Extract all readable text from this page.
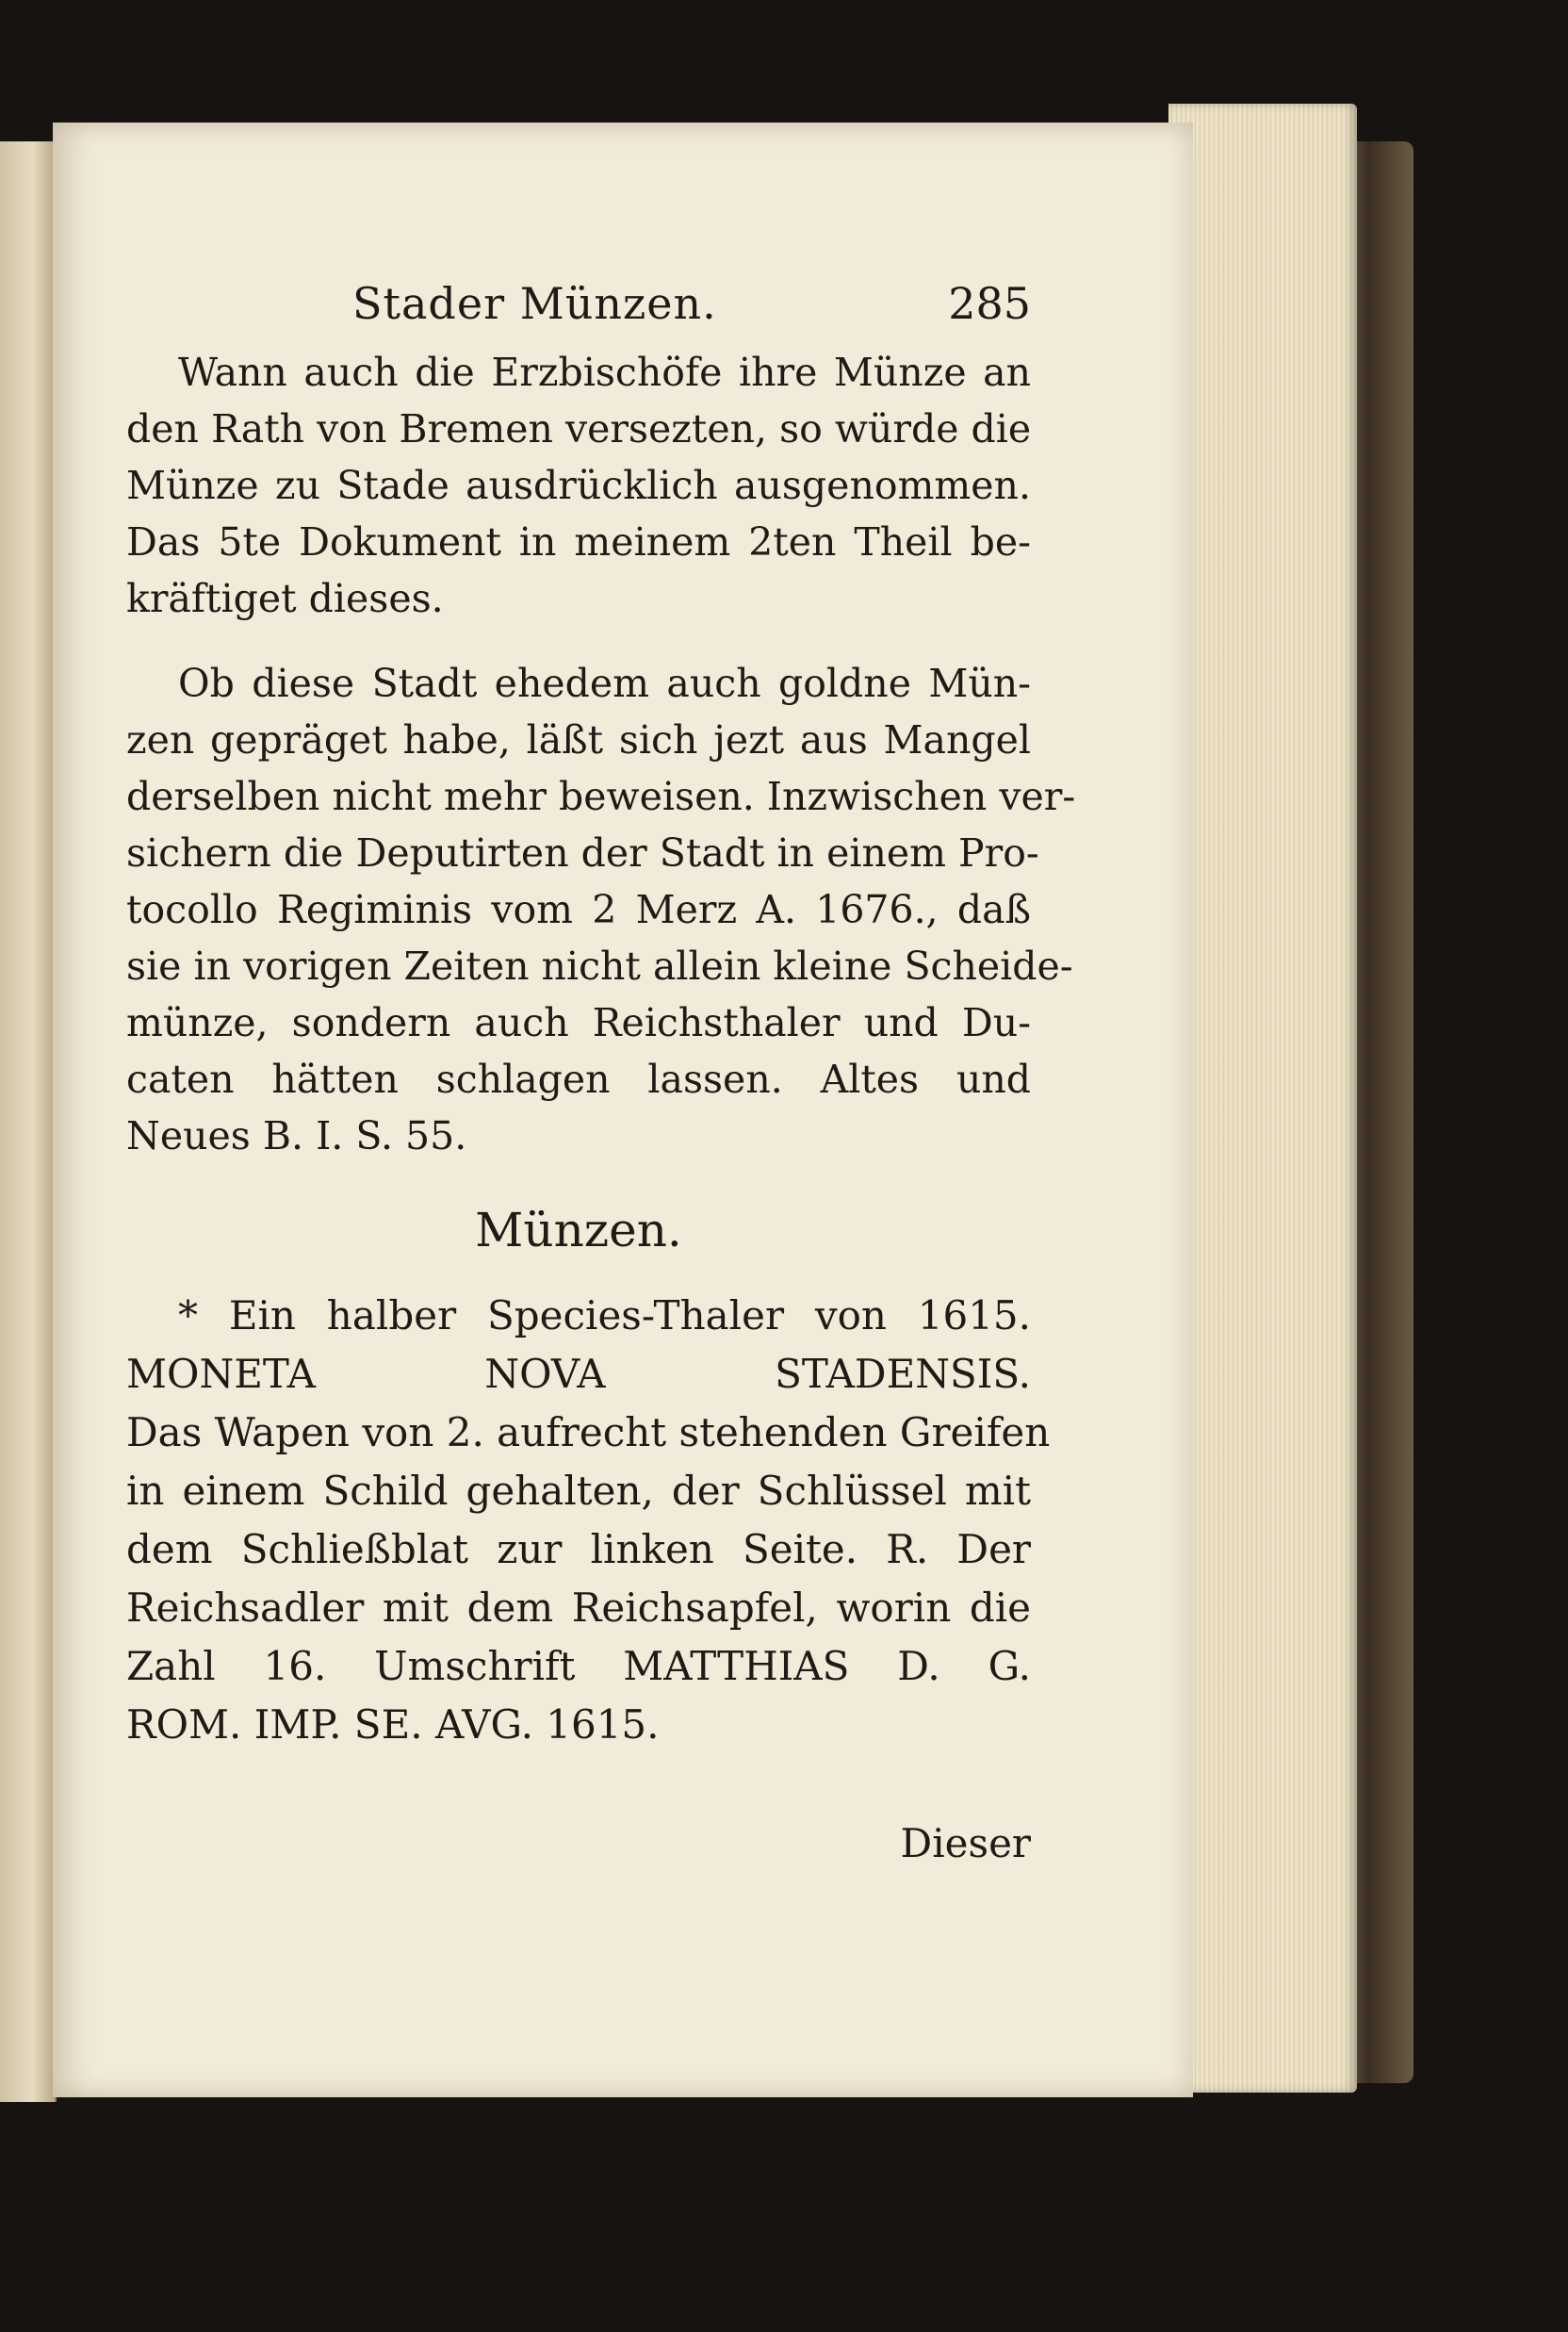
Stader Münzen.	285
Wann auch die Erzbischöfe ihre Münze an
den Rath von Bremen versezten, so würde die
Münze zu Stade ausdrücklich ausgenommen.
Das 5te Dokument in meinem 2ten Theil be-
kräftiget dieses.
Ob diese Stadt ehedem auch goldne Mün-
zen gepräget habe, läßt sich jezt aus Mangel
derselben nicht mehr beweisen. Inzwischen ver-
sichern die Deputirten der Stadt in einem Pro-
tocollo Regiminis vom 2 Merz A. 1676., daß
sie in vorigen Zeiten nicht allein kleine Scheide-
münze, sondern auch Reichsthaler und Du-
caten hätten schlagen lassen. Altes und
Neues B. I. S. 55.
Münzen.
* Ein halber Species-Thaler von 1615.
MONETA NOVA STADENSIS.
Das Wapen von 2. aufrecht stehenden Greifen
in einem Schild gehalten, der Schlüssel mit
dem Schließblat zur linken Seite. R. Der
Reichsadler mit dem Reichsapfel, worin die
Zahl 16. Umschrift MATTHIAS D. G.
ROM. IMP. SE. AVG. 1615.
Dieser
